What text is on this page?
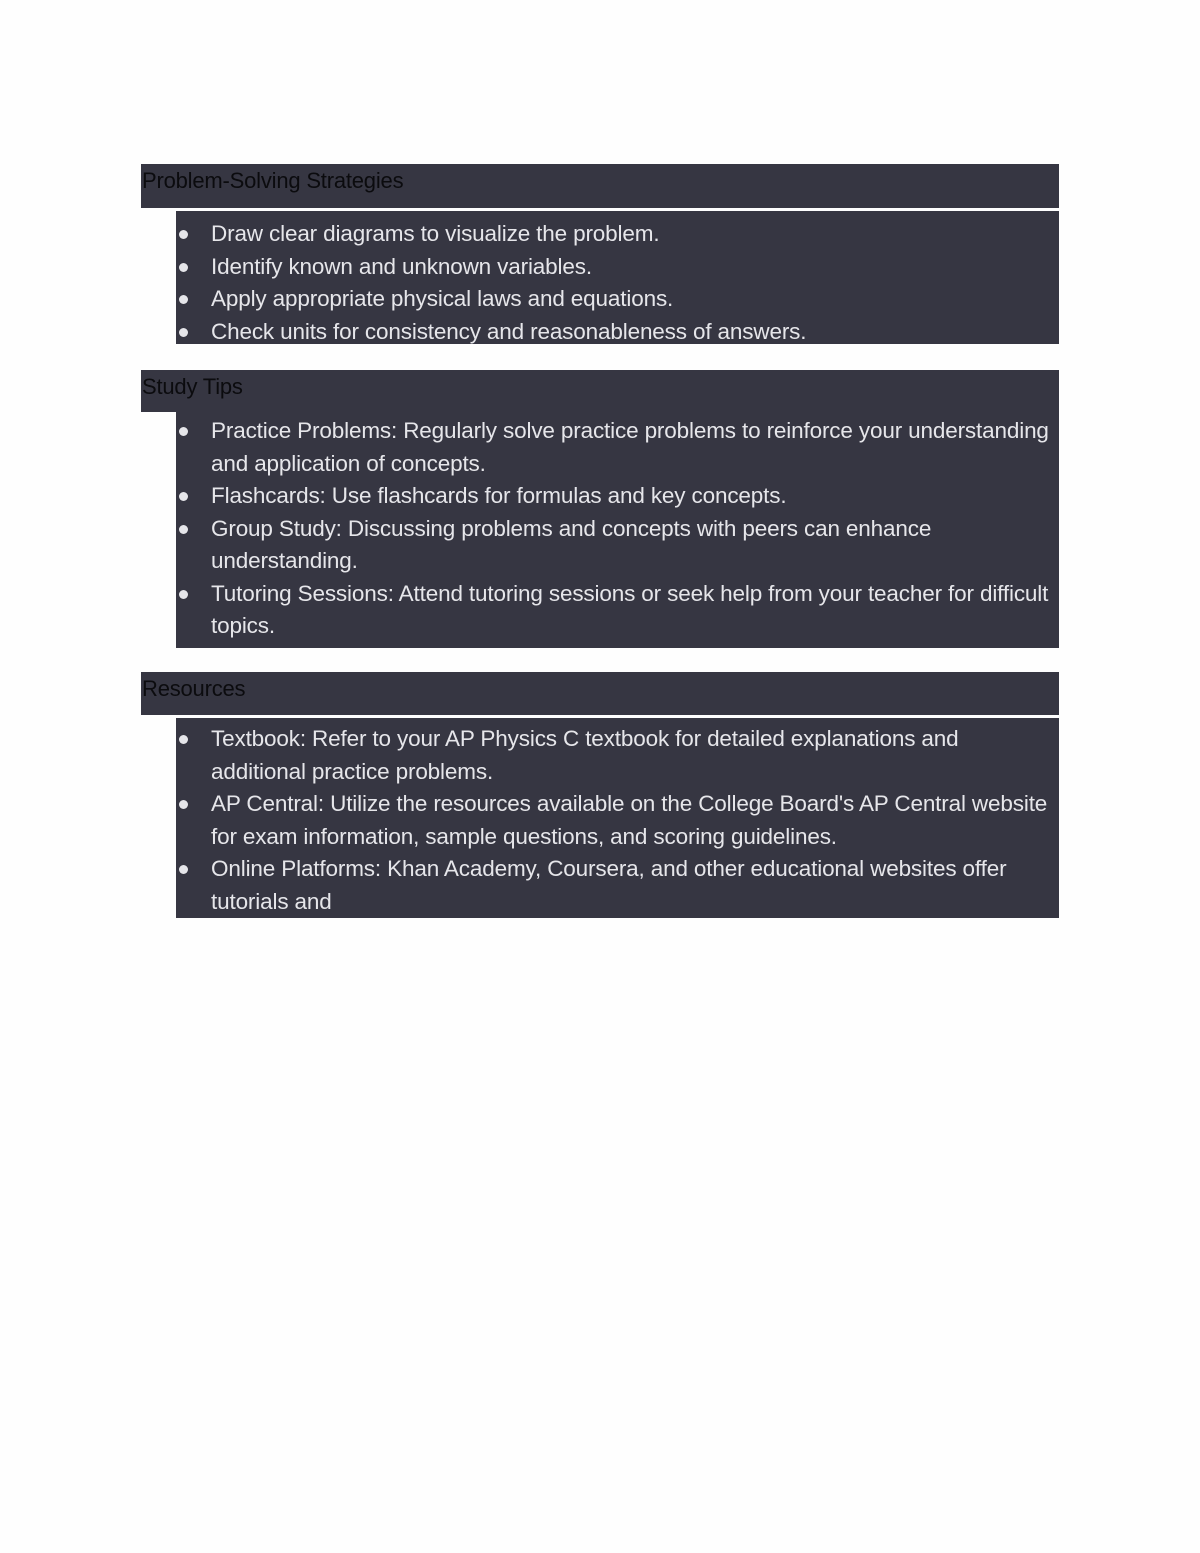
Problem-Solving Strategies
Draw clear diagrams to visualize the problem.
Identify known and unknown variables.
Apply appropriate physical laws and equations.
Check units for consistency and reasonableness of answers.
Study Tips
Practice Problems: Regularly solve practice problems to reinforce your understanding and application of concepts.
Flashcards: Use flashcards for formulas and key concepts.
Group Study: Discussing problems and concepts with peers can enhance understanding.
Tutoring Sessions: Attend tutoring sessions or seek help from your teacher for difficult topics.
Resources
Textbook: Refer to your AP Physics C textbook for detailed explanations and additional practice problems.
AP Central: Utilize the resources available on the College Board's AP Central website for exam information, sample questions, and scoring guidelines.
Online Platforms: Khan Academy, Coursera, and other educational websites offer tutorials and
